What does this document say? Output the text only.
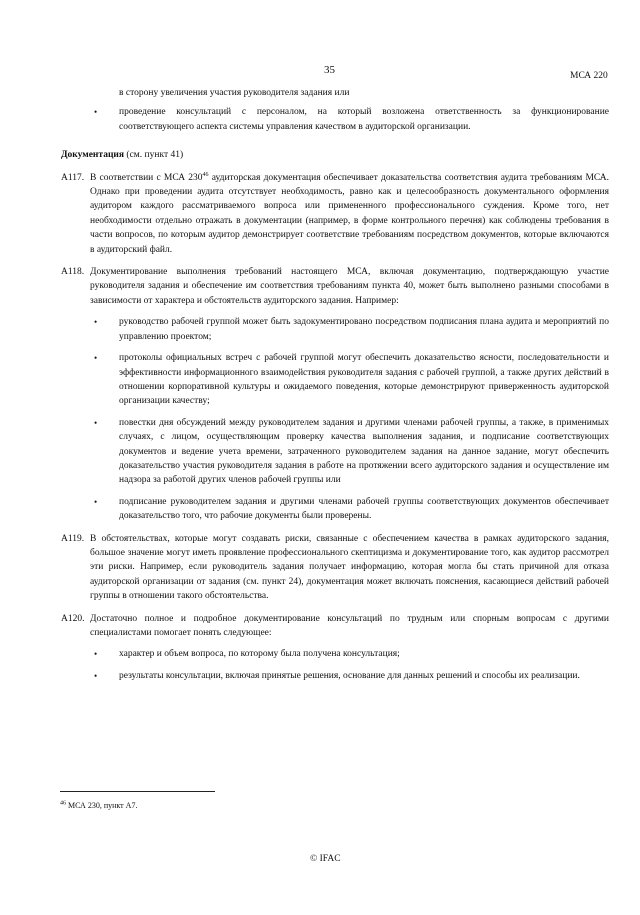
35	МСА 220

в сторону увеличения участия руководителя задания или

•	проведение консультаций с персоналом, на который возложена ответственность за функционирование соответствующего аспекта системы управления качеством в аудиторской организации.

Документация (см. пункт 41)

A117. В соответствии с МСА $230^{46}$ аудиторская документация обеспечивает доказательства соответствия аудита требованиям МСА. Однако при проведении аудита отсутствует необходимость, равно как и целесообразность документального оформления аудитором каждого рассматриваемого вопроса или примененного профессионального суждения. Кроме того, нет необходимости отдельно отражать в документации (например, в форме контрольного перечня) как соблюдены требования в части вопросов, по которым аудитор демонстрирует соответствие требованиям посредством документов, которые включаются в аудиторский файл.

A118. Документирование выполнения требований настоящего МСА, включая документацию, подтверждающую участие руководителя задания и обеспечение им соответствия требованиям пункта 40, может быть выполнено разными способами в зависимости от характера и обстоятельств аудиторского задания. Например:

•	руководство рабочей группой может быть задокументировано посредством подписания плана аудита и мероприятий по управлению проектом;

•	протоколы официальных встреч с рабочей группой могут обеспечить доказательство ясности, последовательности и эффективности информационного взаимодействия руководителя задания с рабочей группой, а также других действий в отношении корпоративной культуры и ожидаемого поведения, которые демонстрируют приверженность аудиторской организации качеству;

•	повестки дня обсуждений между руководителем задания и другими членами рабочей группы, а также, в применимых случаях, с лицом, осуществляющим проверку качества выполнения задания, и подписание соответствующих документов и ведение учета времени, затраченного руководителем задания на данное задание, могут обеспечить доказательство участия руководителя задания в работе на протяжении всего аудиторского задания и осуществление им надзора за работой других членов рабочей группы или

•	подписание руководителем задания и другими членами рабочей группы соответствующих документов обеспечивает доказательство того, что рабочие документы были проверены.

A119. В обстоятельствах, которые могут создавать риски, связанные с обеспечением качества в рамках аудиторского задания, большое значение могут иметь проявление профессионального скептицизма и документирование того, как аудитор рассмотрел эти риски. Например, если руководитель задания получает информацию, которая могла бы стать причиной для отказа аудиторской организации от задания (см. пункт 24), документация может включать пояснения, касающиеся действий рабочей группы в отношении такого обстоятельства.

A120. Достаточно полное и подробное документирование консультаций по трудным или спорным вопросам с другими специалистами помогает понять следующее:

•	характер и объем вопроса, по которому была получена консультация;

•	результаты консультации, включая принятые решения, основание для данных решений и способы их реализации.

$^{46}$ МСА 230, пункт А7.
© IFAC
